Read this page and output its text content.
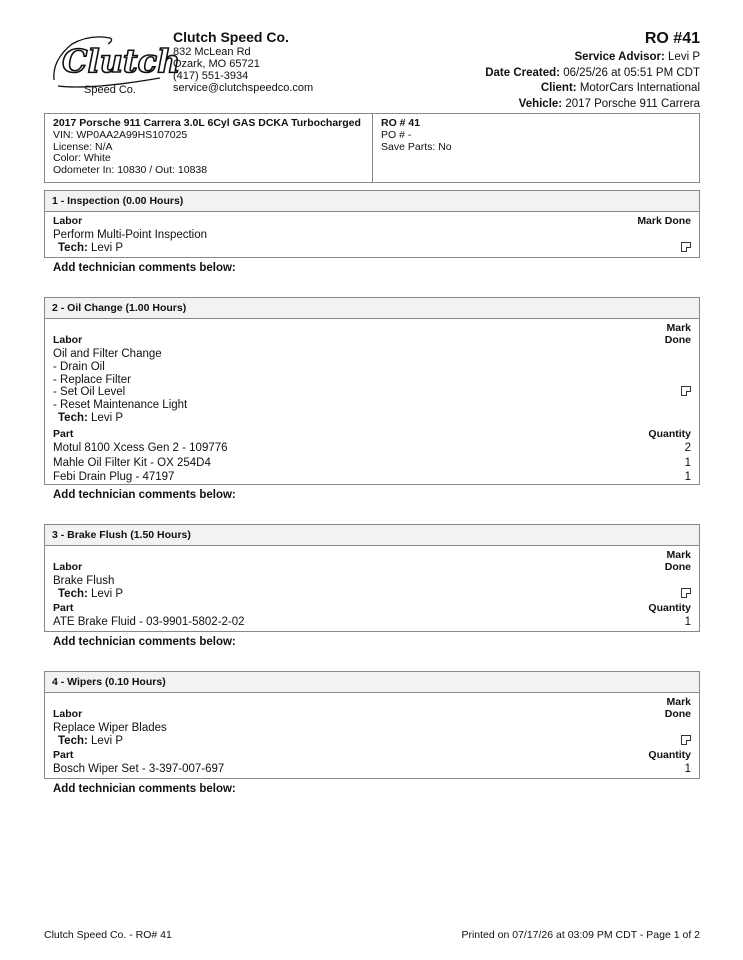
Clutch
Speed Co.
Clutch Speed Co.
832 McLean Rd
Ozark, MO 65721
(417) 551-3934
service@clutchspeedco.com
RO #41
Service Advisor: Levi P
Date Created: 06/25/26 at 05:51 PM CDT
Client: MotorCars International
Vehicle: 2017 Porsche 911 Carrera
2017 Porsche 911 Carrera 3.0L 6Cyl GAS DCKA Turbocharged
VIN: WP0AA2A99HS107025
License: N/A
Color: White
Odometer In: 10830 / Out: 10838
RO # 41
PO # -
Save Parts: No
1 - Inspection (0.00 Hours)
Labor	Mark Done
Perform Multi-Point Inspection
Tech: Levi P
Add technician comments below:
2 - Oil Change (1.00 Hours)
Labor
Mark
Done
Oil and Filter Change
- Drain Oil
- Replace Filter
- Set Oil Level
- Reset Maintenance Light
Tech: Levi P
Part	Quantity
Motul 8100 Xcess Gen 2 - 109776	2
Mahle Oil Filter Kit - OX 254D4	1
Febi Drain Plug - 47197	1
Add technician comments below:
3 - Brake Flush (1.50 Hours)
Labor
Mark
Done
Brake Flush
Tech: Levi P
Part	Quantity
ATE Brake Fluid - 03-9901-5802-2-02	1
Add technician comments below:
4 - Wipers (0.10 Hours)
Labor
Mark
Done
Replace Wiper Blades
Tech: Levi P
Part	Quantity
Bosch Wiper Set - 3-397-007-697	1
Add technician comments below:
Clutch Speed Co. - RO# 41	Printed on 07/17/26 at 03:09 PM CDT - Page 1 of 2
